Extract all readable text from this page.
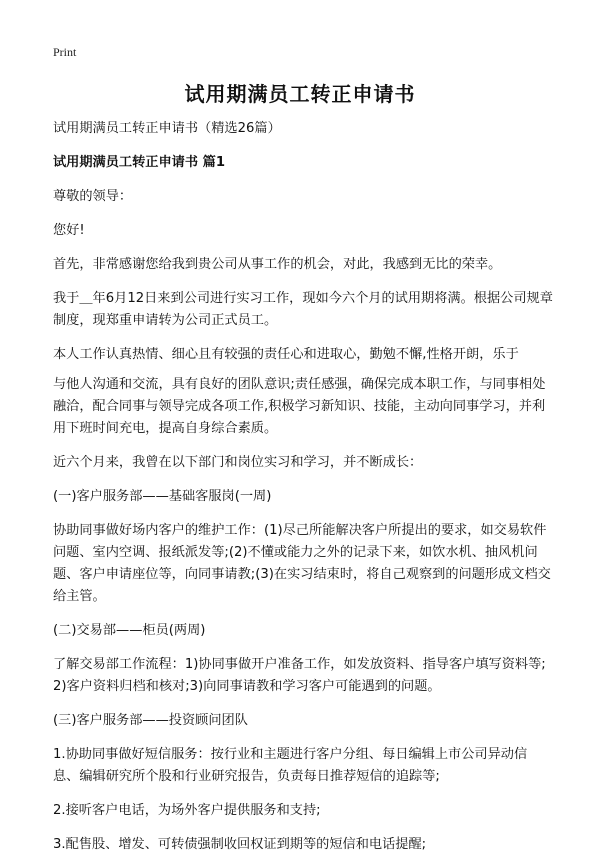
Print
试用期满员工转正申请书

试用期满员工转正申请书（精选26篇）

试用期满员工转正申请书 篇1

尊敬的领导：

您好!

首先，非常感谢您给我到贵公司从事工作的机会，对此，我感到无比的荣幸。

我于＿年6月12日来到公司进行实习工作，现如今六个月的试用期将满。根据公司规章制度，现郑重申请转为公司正式员工。

本人工作认真热情、细心且有较强的责任心和进取心，勤勉不懈,性格开朗，乐于

与他人沟通和交流，具有良好的团队意识;责任感强，确保完成本职工作，与同事相处融洽，配合同事与领导完成各项工作,积极学习新知识、技能，主动向同事学习，并利用下班时间充电，提高自身综合素质。

近六个月来，我曾在以下部门和岗位实习和学习，并不断成长：

(一)客户服务部——基础客服岗(一周)

协助同事做好场内客户的维护工作：(1)尽己所能解决客户所提出的要求，如交易软件问题、室内空调、报纸派发等;(2)不懂或能力之外的记录下来，如饮水机、抽风机问题、客户申请座位等，向同事请教;(3)在实习结束时，将自己观察到的问题形成文档交给主管。

(二)交易部——柜员(两周)

了解交易部工作流程：1)协同事做开户准备工作，如发放资料、指导客户填写资料等;2)客户资料归档和核对;3)向同事请教和学习客户可能遇到的问题。

(三)客户服务部——投资顾问团队

1.协助同事做好短信服务：按行业和主题进行客户分组、每日编辑上市公司异动信息、编辑研究所个股和行业研究报告，负责每日推荐短信的追踪等;

2.接听客户电话，为场外客户提供服务和支持;

3.配售股、增发、可转债强制收回权证到期等的短信和电话提醒;
